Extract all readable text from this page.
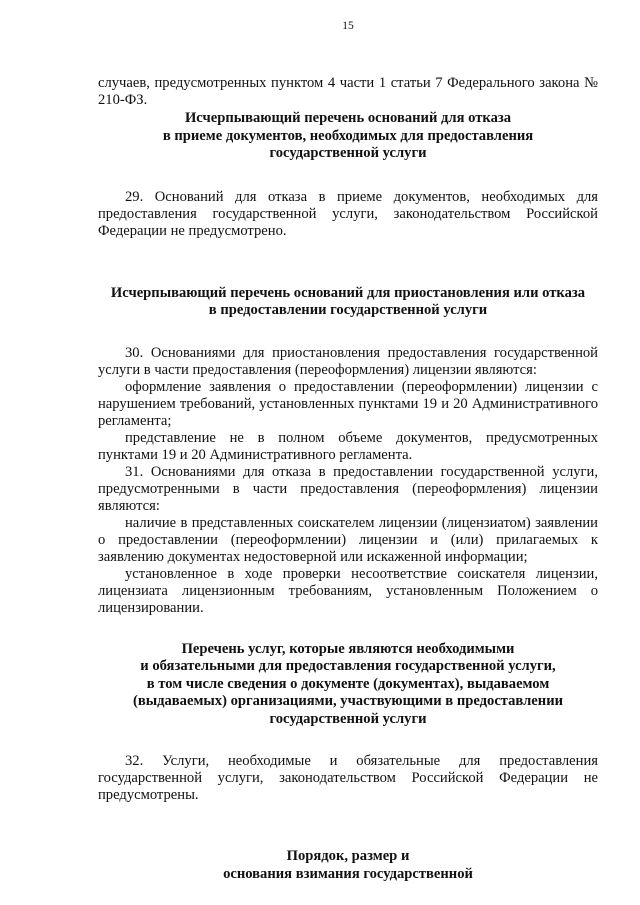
15

случаев, предусмотренных пунктом 4 части 1 статьи 7 Федерального закона № 210-ФЗ.

Исчерпывающий перечень оснований для отказа
в приеме документов, необходимых для предоставления
государственной услуги

29. Оснований для отказа в приеме документов, необходимых для предоставления государственной услуги, законодательством Российской Федерации не предусмотрено.

Исчерпывающий перечень оснований для приостановления или отказа
в предоставлении государственной услуги

30. Основаниями для приостановления предоставления государственной услуги в части предоставления (переоформления) лицензии являются:

оформление заявления о предоставлении (переоформлении) лицензии с нарушением требований, установленных пунктами 19 и 20 Административного регламента;

представление не в полном объеме документов, предусмотренных пунктами 19 и 20 Административного регламента.

31. Основаниями для отказа в предоставлении государственной услуги, предусмотренными в части предоставления (переоформления) лицензии являются:

наличие в представленных соискателем лицензии (лицензиатом) заявлении о предоставлении (переоформлении) лицензии и (или) прилагаемых к заявлению документах недостоверной или искаженной информации;

установленное в ходе проверки несоответствие соискателя лицензии, лицензиата лицензионным требованиям, установленным Положением о лицензировании.

Перечень услуг, которые являются необходимыми
и обязательными для предоставления государственной услуги,
в том числе сведения о документе (документах), выдаваемом
(выдаваемых) организациями, участвующими в предоставлении
государственной услуги

32. Услуги, необходимые и обязательные для предоставления государственной услуги, законодательством Российской Федерации не предусмотрены.

Порядок, размер и
основания взимания государственной
